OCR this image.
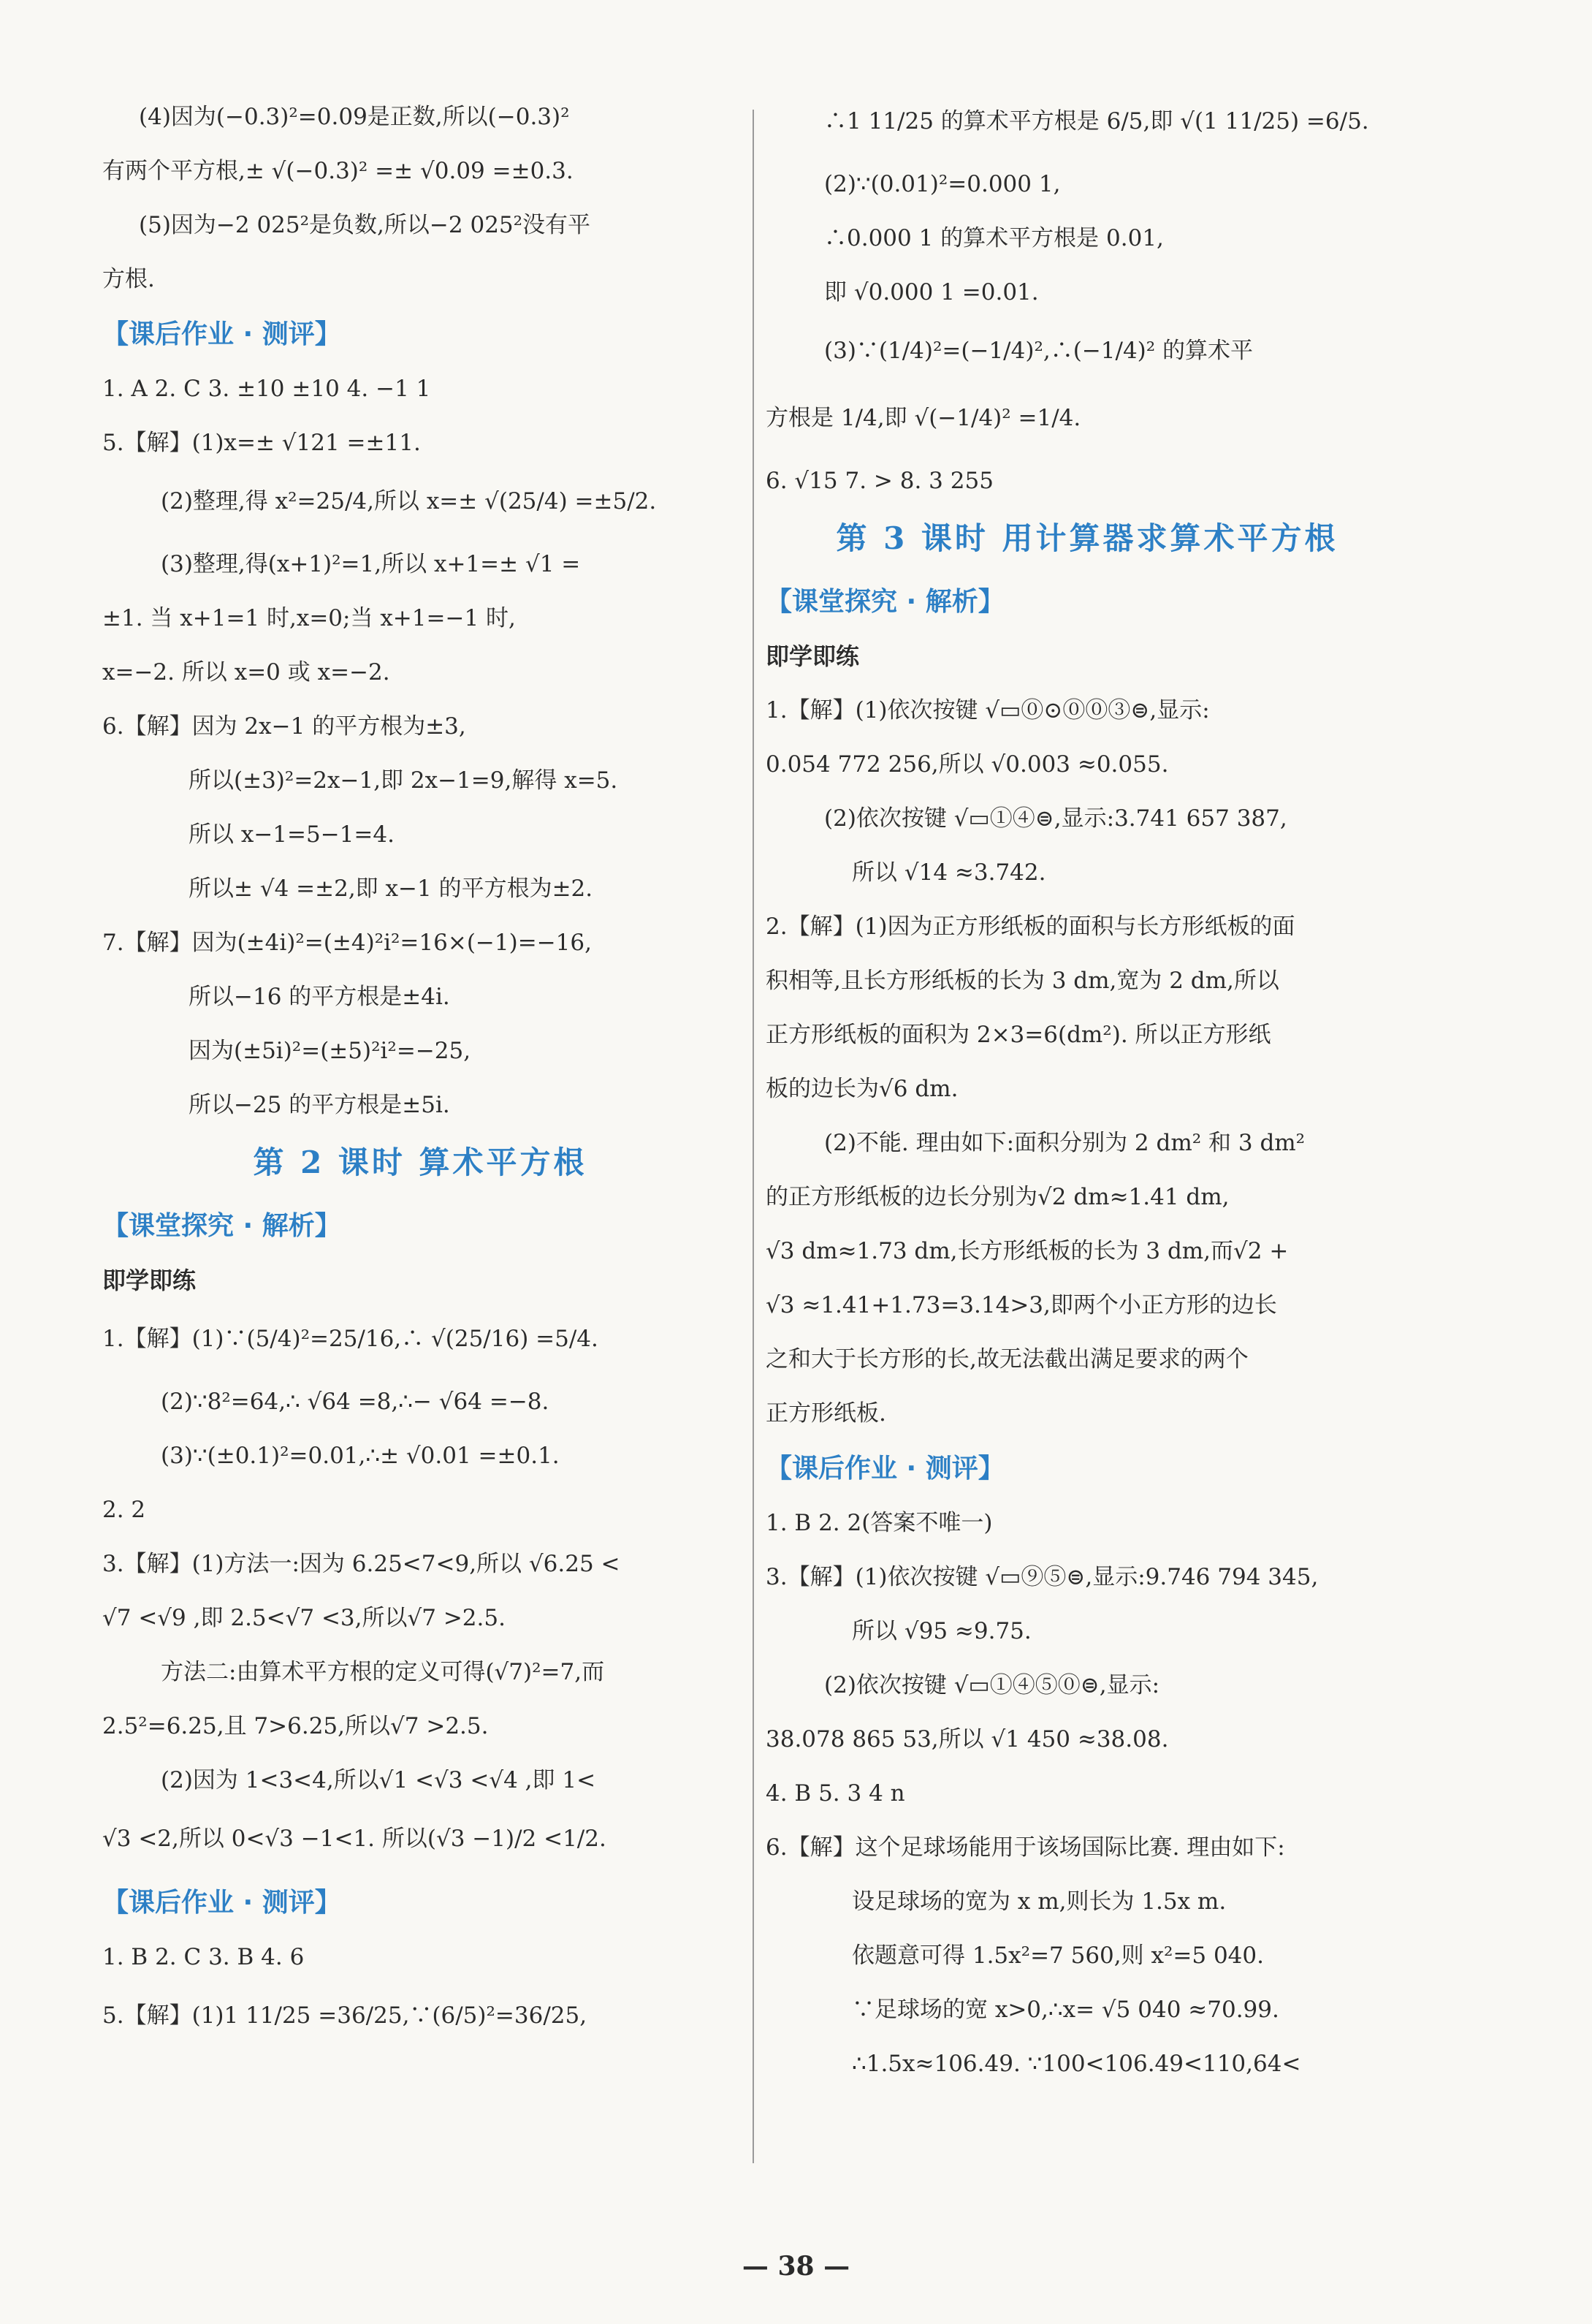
(4)因为(−0.3)²=0.09是正数,所以(−0.3)²
有两个平方根,± √(−0.3)² =± √0.09 =±0.3.
(5)因为−2 025²是负数,所以−2 025²没有平
方根.
【课后作业 · 测评】
1. A 2. C 3. ±10 ±10 4. −1 1
5.【解】(1)x=± √121 =±11.
(2)整理,得 x²=25/4,所以 x=± √(25/4) =±5/2.
(3)整理,得(x+1)²=1,所以 x+1=± √1 =
±1. 当 x+1=1 时,x=0;当 x+1=−1 时,
x=−2. 所以 x=0 或 x=−2.
6.【解】因为 2x−1 的平方根为±3,
所以(±3)²=2x−1,即 2x−1=9,解得 x=5.
所以 x−1=5−1=4.
所以± √4 =±2,即 x−1 的平方根为±2.
7.【解】因为(±4i)²=(±4)²i²=16×(−1)=−16,
所以−16 的平方根是±4i.
因为(±5i)²=(±5)²i²=−25,
所以−25 的平方根是±5i.
第 2 课时 算术平方根
【课堂探究 · 解析】
即学即练
1.【解】(1)∵(5/4)²=25/16,∴ √(25/16) =5/4.
(2)∵8²=64,∴ √64 =8,∴− √64 =−8.
(3)∵(±0.1)²=0.01,∴± √0.01 =±0.1.
2. 2
3.【解】(1)方法一:因为 6.25<7<9,所以 √6.25 <
√7 <√9 ,即 2.5<√7 <3,所以√7 >2.5.
方法二:由算术平方根的定义可得(√7)²=7,而
2.5²=6.25,且 7>6.25,所以√7 >2.5.
(2)因为 1<3<4,所以√1 <√3 <√4 ,即 1<
√3 <2,所以 0<√3 −1<1. 所以(√3 −1)/2 <1/2.
【课后作业 · 测评】
1. B 2. C 3. B 4. 6
5.【解】(1)1 11/25 =36/25,∵(6/5)²=36/25,
∴1 11/25 的算术平方根是 6/5,即 √(1 11/25) =6/5.
(2)∵(0.01)²=0.000 1,
∴0.000 1 的算术平方根是 0.01,
即 √0.000 1 =0.01.
(3)∵(1/4)²=(−1/4)²,∴(−1/4)² 的算术平
方根是 1/4,即 √(−1/4)² =1/4.
6. √15 7. > 8. 3 255
第 3 课时 用计算器求算术平方根
【课堂探究 · 解析】
即学即练
1.【解】(1)依次按键 √▭⓪⊙⓪⓪③⊜,显示:
0.054 772 256,所以 √0.003 ≈0.055.
(2)依次按键 √▭①④⊜,显示:3.741 657 387,
所以 √14 ≈3.742.
2.【解】(1)因为正方形纸板的面积与长方形纸板的面
积相等,且长方形纸板的长为 3 dm,宽为 2 dm,所以
正方形纸板的面积为 2×3=6(dm²). 所以正方形纸
板的边长为√6 dm.
(2)不能. 理由如下:面积分别为 2 dm² 和 3 dm²
的正方形纸板的边长分别为√2 dm≈1.41 dm,
√3 dm≈1.73 dm,长方形纸板的长为 3 dm,而√2 +
√3 ≈1.41+1.73=3.14>3,即两个小正方形的边长
之和大于长方形的长,故无法截出满足要求的两个
正方形纸板.
【课后作业 · 测评】
1. B 2. 2(答案不唯一)
3.【解】(1)依次按键 √▭⑨⑤⊜,显示:9.746 794 345,
所以 √95 ≈9.75.
(2)依次按键 √▭①④⑤⓪⊜,显示:
38.078 865 53,所以 √1 450 ≈38.08.
4. B 5. 3 4 n
6.【解】这个足球场能用于该场国际比赛. 理由如下:
设足球场的宽为 x m,则长为 1.5x m.
依题意可得 1.5x²=7 560,则 x²=5 040.
∵足球场的宽 x>0,∴x= √5 040 ≈70.99.
∴1.5x≈106.49. ∵100<106.49<110,64<
— 38 —
